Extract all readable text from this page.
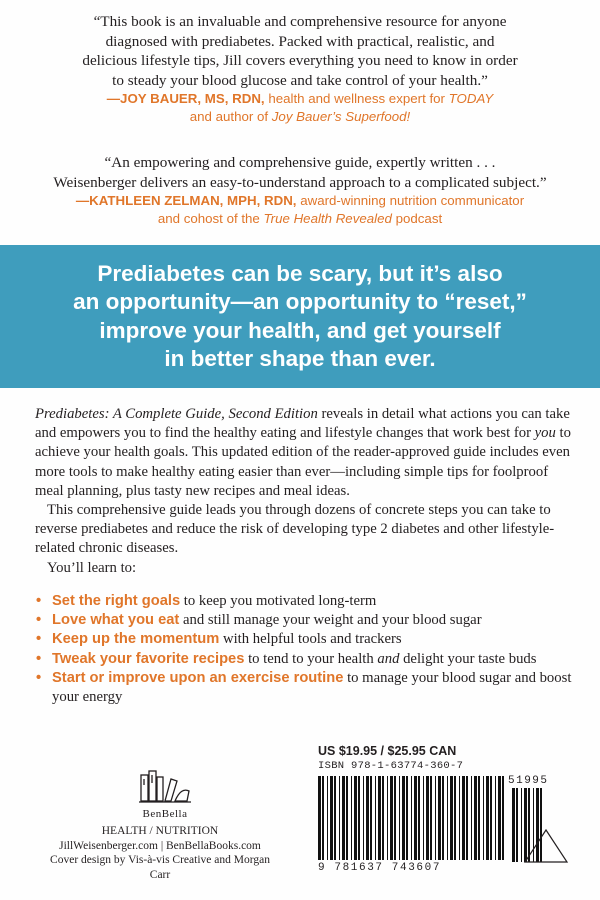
“This book is an invaluable and comprehensive resource for anyone
diagnosed with prediabetes. Packed with practical, realistic, and
delicious lifestyle tips, Jill covers everything you need to know in order
to steady your blood glucose and take control of your health.”
—JOY BAUER, MS, RDN, health and wellness expert for TODAY
and author of Joy Bauer’s Superfood!
“An empowering and comprehensive guide, expertly written . . .
Weisenberger delivers an easy-to-understand approach to a complicated subject.”
—KATHLEEN ZELMAN, MPH, RDN, award-winning nutrition communicator
and cohost of the True Health Revealed podcast
Prediabetes can be scary, but it’s also
an opportunity—an opportunity to “reset,”
improve your health, and get yourself
in better shape than ever.

Prediabetes: A Complete Guide, Second Edition reveals in detail what actions you can take and empowers you to find the healthy eating and lifestyle changes that work best for you to achieve your health goals. This updated edition of the reader-approved guide includes even more tools to make healthy eating easier than ever—including simple tips for foolproof meal planning, plus tasty new recipes and meal ideas.

This comprehensive guide leads you through dozens of concrete steps you can take to reverse prediabetes and reduce the risk of developing type 2 diabetes and other lifestyle-related chronic diseases.

You’ll learn to:

• Set the right goals to keep you motivated long-term
• Love what you eat and still manage your weight and your blood sugar
• Keep up the momentum with helpful tools and trackers
• Tweak your favorite recipes to tend to your health and delight your taste buds
• Start or improve upon an exercise routine to manage your blood sugar and boost your energy
BenBella
HEALTH / NUTRITION
JillWeisenberger.com | BenBellaBooks.com
Cover design by Vis-à-vis Creative and Morgan Carr
US $19.95 / $25.95 CAN
ISBN 978-1-63774-360-7
51995
9 781637 743607
